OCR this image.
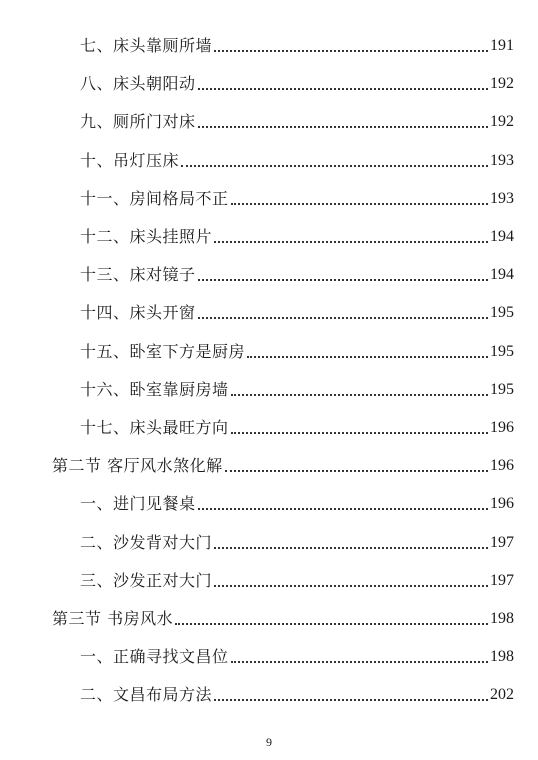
七、床头靠厕所墙	191
八、床头朝阳动	192
九、厕所门对床	192
十、吊灯压床	193
十一、房间格局不正	193
十二、床头挂照片	194
十三、床对镜子	194
十四、床头开窗	195
十五、卧室下方是厨房	195
十六、卧室靠厨房墙	195
十七、床头最旺方向	196
第二节 客厅风水煞化解	196
一、进门见餐桌	196
二、沙发背对大门	197
三、沙发正对大门	197
第三节 书房风水	198
一、正确寻找文昌位	198
二、文昌布局方法	202
9
